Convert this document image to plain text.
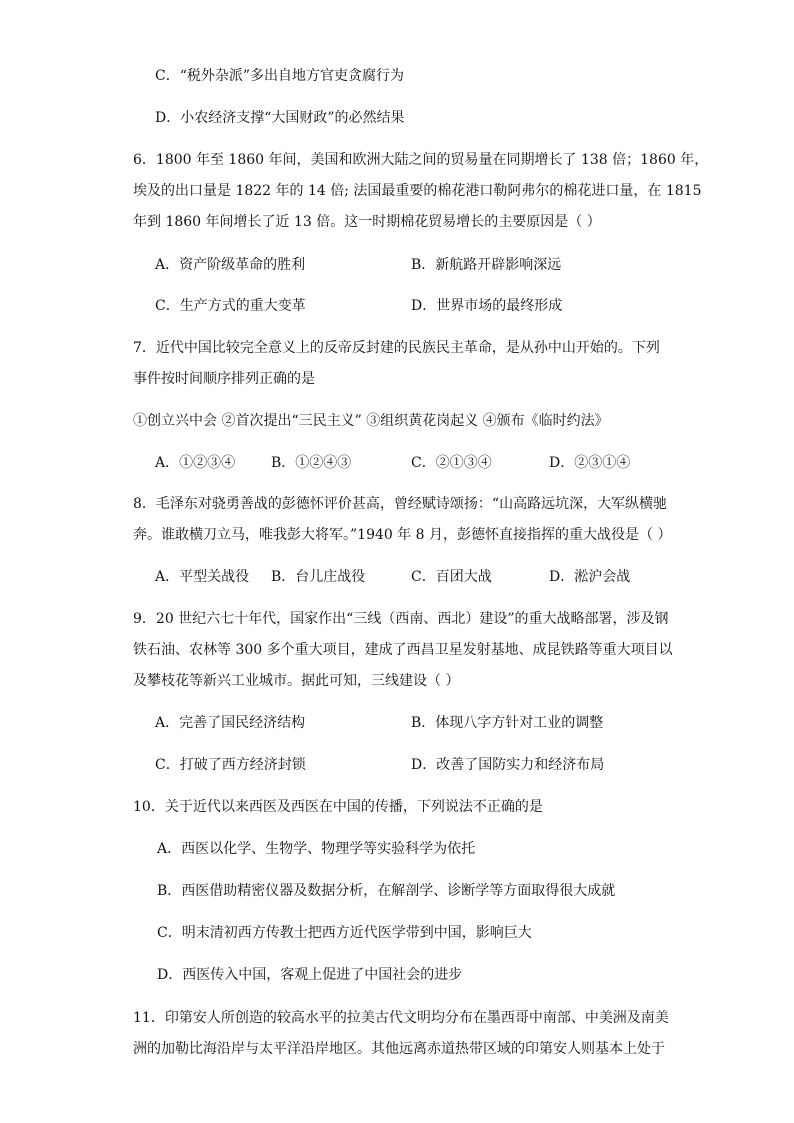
C．“税外杂派”多出自地方官吏贪腐行为
D．小农经济支撑“大国财政”的必然结果
6．1800 年至 1860 年间，美国和欧洲大陆之间的贸易量在同期增长了 138 倍；1860 年，
埃及的出口量是 1822 年的 14 倍; 法国最重要的棉花港口勒阿弗尔的棉花进口量，在 1815
年到 1860 年间增长了近 13 倍。这一时期棉花贸易增长的主要原因是（ ）
A．资产阶级革命的胜利	B．新航路开辟影响深远
C．生产方式的重大变革	D．世界市场的最终形成
7．近代中国比较完全意义上的反帝反封建的民族民主革命，是从孙中山开始的。下列
事件按时间顺序排列正确的是
①创立兴中会 ②首次提出“三民主义” ③组织黄花岗起义 ④颁布《临时约法》
A．①②③④	B．①②④③	C．②①③④	D．②③①④
8．毛泽东对骁勇善战的彭德怀评价甚高，曾经赋诗颂扬：“山高路远坑深，大军纵横驰
奔。谁敢横刀立马，唯我彭大将军。”1940 年 8 月，彭德怀直接指挥的重大战役是（ ）
A．平型关战役 B．台儿庄战役	C．百团大战	D．淞沪会战
9．20 世纪六七十年代，国家作出“三线（西南、西北）建设”的重大战略部署，涉及钢
铁石油、农林等 300 多个重大项目，建成了西昌卫星发射基地、成昆铁路等重大项目以
及攀枝花等新兴工业城市。据此可知，三线建设（ ）
A．完善了国民经济结构	B．体现八字方针对工业的调整
C．打破了西方经济封锁	D．改善了国防实力和经济布局
10．关于近代以来西医及西医在中国的传播，下列说法不正确的是
A．西医以化学、生物学、物理学等实验科学为依托
B．西医借助精密仪器及数据分析，在解剖学、诊断学等方面取得很大成就
C．明末清初西方传教士把西方近代医学带到中国，影响巨大
D．西医传入中国，客观上促进了中国社会的进步
11．印第安人所创造的较高水平的拉美古代文明均分布在墨西哥中南部、中美洲及南美
洲的加勒比海沿岸与太平洋沿岸地区。其他远离赤道热带区域的印第安人则基本上处于
